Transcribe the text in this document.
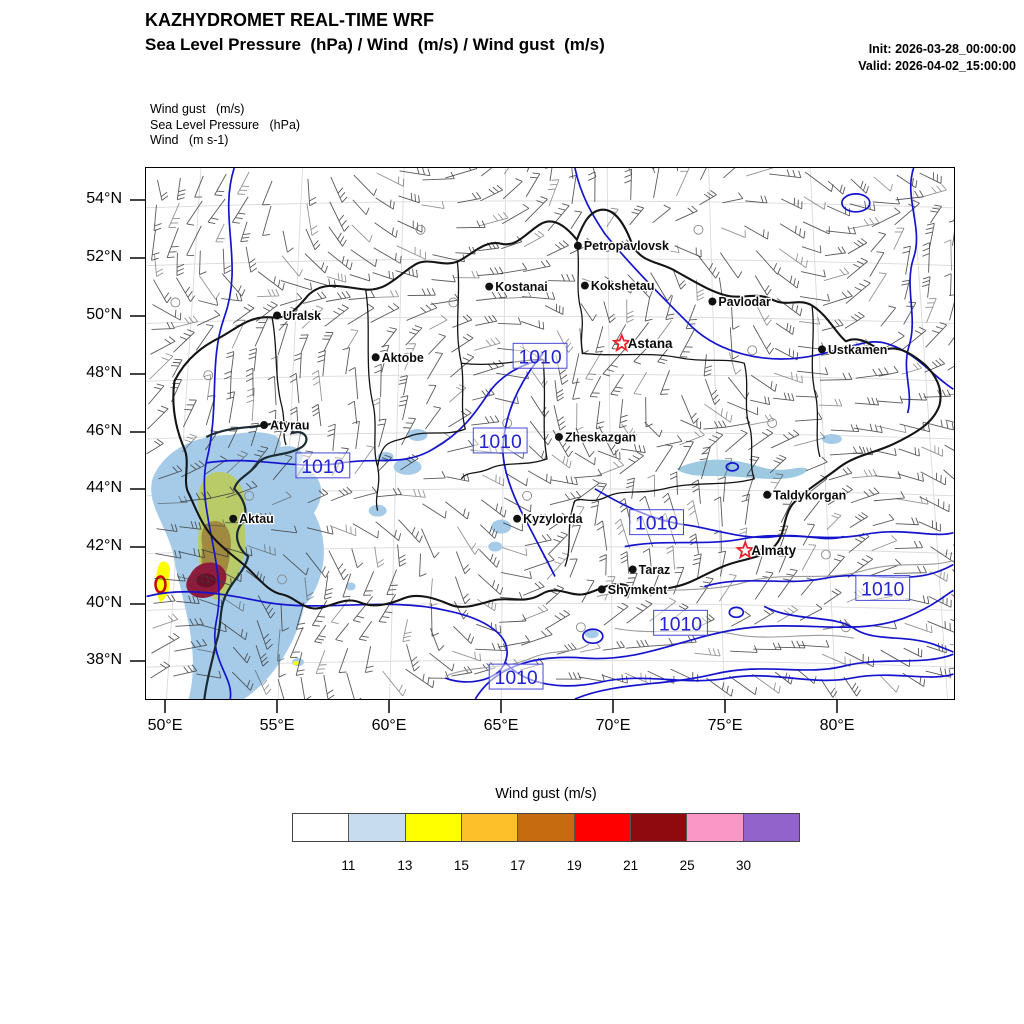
KAZHYDROMET REAL-TIME WRF
Sea Level Pressure  (hPa) / Wind  (m/s) / Wind gust  (m/s)	Init: 2026-03-28_00:00:00
Valid: 2026-04-02_15:00:00
Wind gust   (m/s)
Sea Level Pressure   (hPa)
Wind   (m s-1)
54°N
52°N
50°N
48°N
46°N
44°N
42°N
40°N
38°N
50°E	55°E	60°E	65°E	70°E	75°E	80°E
1010
1010
1010
1010
1010
1010
1010
Petropavlovsk
Kostanai	Kokshetau
Pavlodar
Astana
Uralsk
Aktobe
Ustkamen
Atyrau
Aktau
Zheskazgan
Kyzylorda
Taldykorgan
Almaty
Taraz
Shymkent
Wind gust (m/s)
11	13	15	17	19	21	25	30
